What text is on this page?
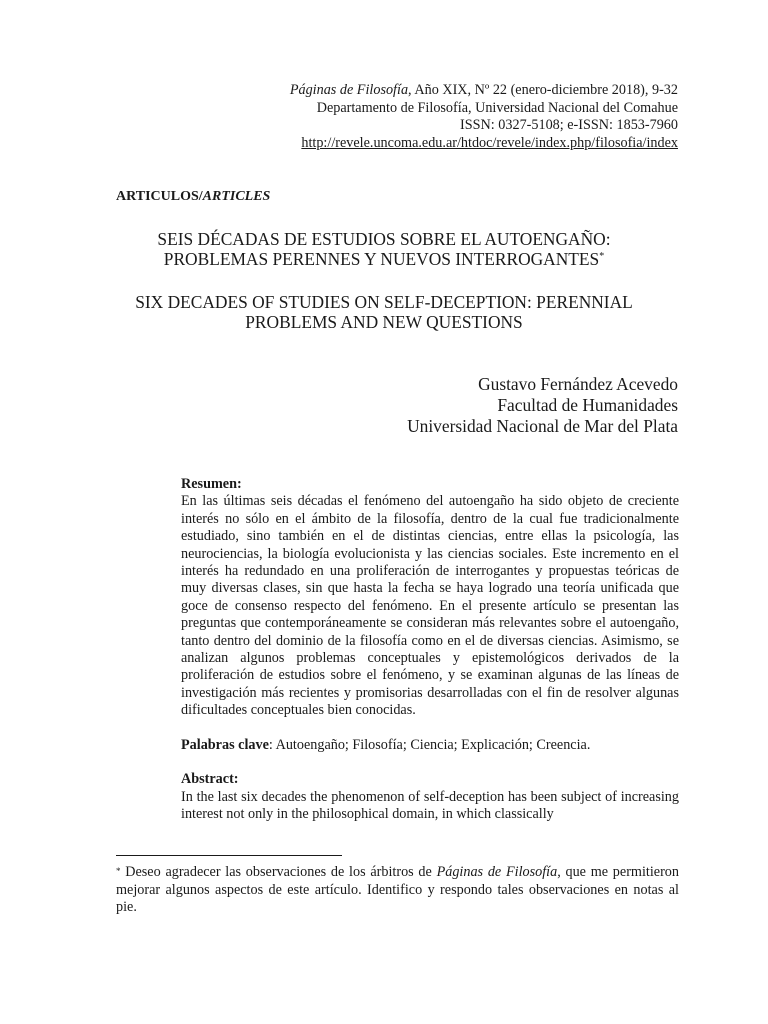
Páginas de Filosofía, Año XIX, Nº 22 (enero-diciembre 2018), 9-32
Departamento de Filosofía, Universidad Nacional del Comahue
ISSN: 0327-5108; e-ISSN: 1853-7960
http://revele.uncoma.edu.ar/htdoc/revele/index.php/filosofia/index
ARTICULOS/ARTICLES
SEIS DÉCADAS DE ESTUDIOS SOBRE EL AUTOENGAÑO:
PROBLEMAS PERENNES Y NUEVOS INTERROGANTES*
SIX DECADES OF STUDIES ON SELF-DECEPTION: PERENNIAL
PROBLEMS AND NEW QUESTIONS
Gustavo Fernández Acevedo
Facultad de Humanidades
Universidad Nacional de Mar del Plata

Resumen:

En las últimas seis décadas el fenómeno del autoengaño ha sido objeto de creciente interés no sólo en el ámbito de la filosofía, dentro de la cual fue tradicionalmente estudiado, sino también en el de distintas ciencias, entre ellas la psicología, las neurociencias, la biología evolucionista y las ciencias sociales. Este incremento en el interés ha redundado en una proliferación de interrogantes y propuestas teóricas de muy diversas clases, sin que hasta la fecha se haya logrado una teoría unificada que goce de consenso respecto del fenómeno. En el presente artículo se presentan las preguntas que contemporáneamente se consideran más relevantes sobre el autoengaño, tanto dentro del dominio de la filosofía como en el de diversas ciencias. Asimismo, se analizan algunos problemas conceptuales y epistemológicos derivados de la proliferación de estudios sobre el fenómeno, y se examinan algunas de las líneas de investigación más recientes y promisorias desarrolladas con el fin de resolver algunas dificultades conceptuales bien conocidas.

Palabras clave: Autoengaño; Filosofía; Ciencia; Explicación; Creencia.

Abstract:

In the last six decades the phenomenon of self-deception has been subject of increasing interest not only in the philosophical domain, in which classically

* Deseo agradecer las observaciones de los árbitros de Páginas de Filosofía, que me permitieron mejorar algunos aspectos de este artículo. Identifico y respondo tales observaciones en notas al pie.
